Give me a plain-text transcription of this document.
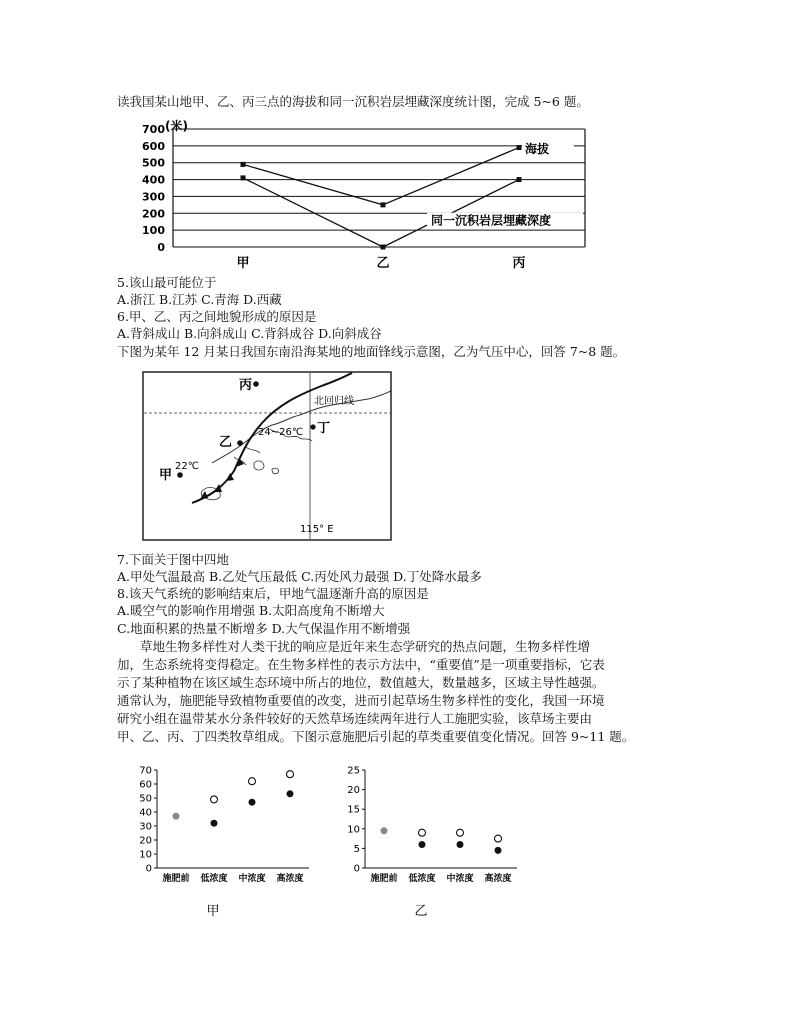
读我国某山地甲、乙、丙三点的海拔和同一沉积岩层埋藏深度统计图，完成 5~6 题。
(米)
0
100
200
300
400
500
600
700
甲	乙	丙
海拔
同一沉积岩层埋藏深度
5.该山最可能位于
A.浙江 B.江苏 C.青海 D.西藏
6.甲、乙、丙之间地貌形成的原因是
A.背斜成山 B.向斜成山 C.背斜成谷 D.向斜成谷
下图为某年 12 月某日我国东南沿海某地的地面锋线示意图，乙为气压中心，回答 7~8 题。
丙
丁
乙
甲
北回归线
24~26℃
22℃
115° E
7.下面关于图中四地
A.甲处气温最高 B.乙处气压最低 C.丙处风力最强 D.丁处降水最多
8.该天气系统的影响结束后，甲地气温逐渐升高的原因是
A.暖空气的影响作用增强 B.太阳高度角不断增大
C.地面积累的热量不断增多 D.大气保温作用不断增强
草地生物多样性对人类干扰的响应是近年来生态学研究的热点问题，生物多样性增
加，生态系统将变得稳定。在生物多样性的表示方法中，“重要值”是一项重要指标，它表
示了某种植物在该区域生态环境中所占的地位，数值越大，数量越多，区域主导性越强。
通常认为，施肥能导致植物重要值的改变，进而引起草场生物多样性的变化，我国一环境
研究小组在温带某水分条件较好的天然草场连续两年进行人工施肥实验，该草场主要由
甲、乙、丙、丁四类牧草组成。下图示意施肥后引起的草类重要值变化情况。回答 9~11 题。
0
10
20
30
40
50
60
70
施肥前 低浓度 中浓度 高浓度
甲
0
5
10
15
20
25
施肥前 低浓度 中浓度 高浓度
乙
